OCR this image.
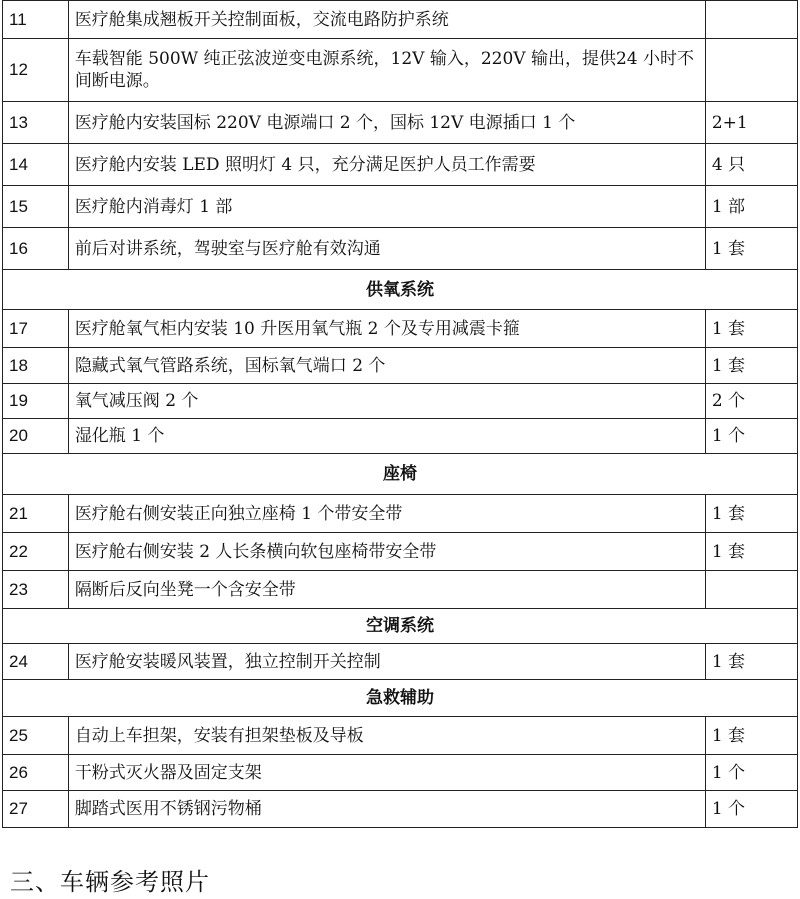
11	医疗舱集成翘板开关控制面板，交流电路防护系统	
12	车载智能 500W 纯正弦波逆变电源系统，12V 输入，220V 输出，提供24 小时不间断电源。	
13	医疗舱内安装国标 220V 电源端口 2 个，国标 12V 电源插口 1 个	2+1
14	医疗舱内安装 LED 照明灯 4 只，充分满足医护人员工作需要	4 只
15	医疗舱内消毒灯 1 部	1 部
16	前后对讲系统，驾驶室与医疗舱有效沟通	1 套
供氧系统		
17	医疗舱氧气柜内安装 10 升医用氧气瓶 2 个及专用减震卡箍	1 套
18	隐藏式氧气管路系统，国标氧气端口 2 个	1 套
19	氧气减压阀 2 个	2 个
20	湿化瓶 1 个	1 个
座椅		
21	医疗舱右侧安装正向独立座椅 1 个带安全带	1 套
22	医疗舱右侧安装 2 人长条横向软包座椅带安全带	1 套
23	隔断后反向坐凳一个含安全带	
空调系统		
24	医疗舱安装暖风装置，独立控制开关控制	1 套
急救辅助		
25	自动上车担架，安装有担架垫板及导板	1 套
26	干粉式灭火器及固定支架	1 个
27	脚踏式医用不锈钢污物桶	1 个
三、车辆参考照片
